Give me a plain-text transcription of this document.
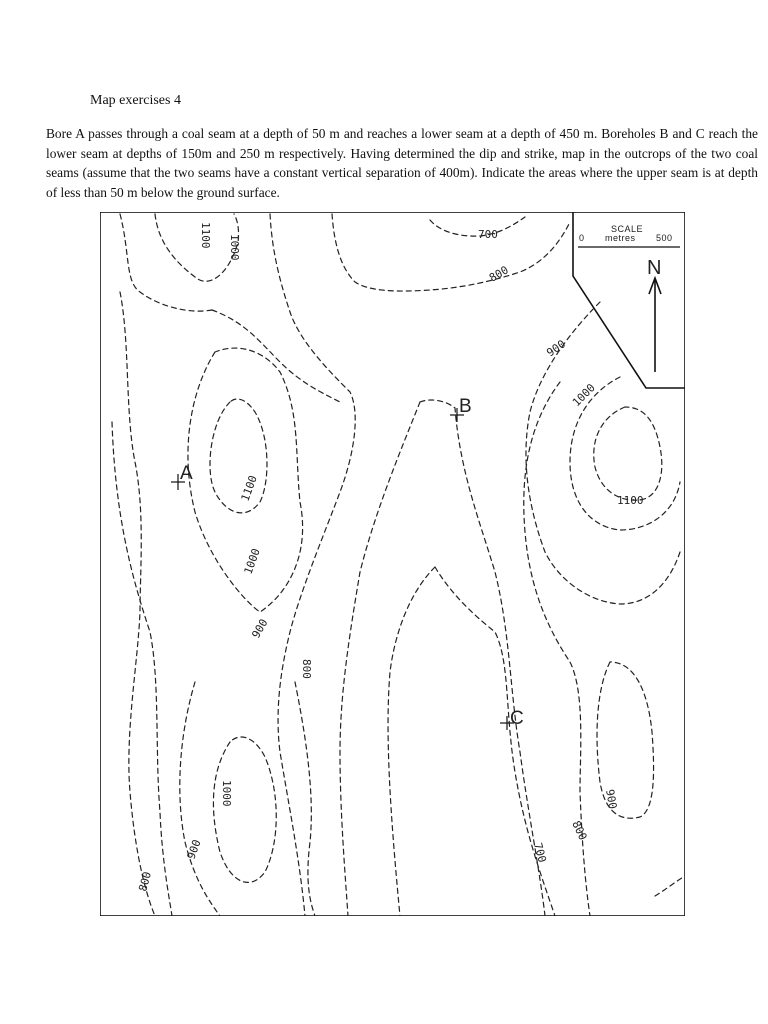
Map exercises 4

Bore A passes through a coal seam at a depth of 50 m and reaches a lower seam at a depth of 450 m. Boreholes B and C reach the lower seam at depths of 150m and 250 m respectively. Having determined the dip and strike, map in the outcrops of the two coal seams (assume that the two seams have a constant vertical separation of 400m). Indicate the areas where the upper seam is at depth of less than 50 m below the ground surface.

SCALE
0 metres 500
N
1100 1000	700
800
900
1000
1100
1100
1000
900
800
1000
900
800
700
800
900
A
B
C
